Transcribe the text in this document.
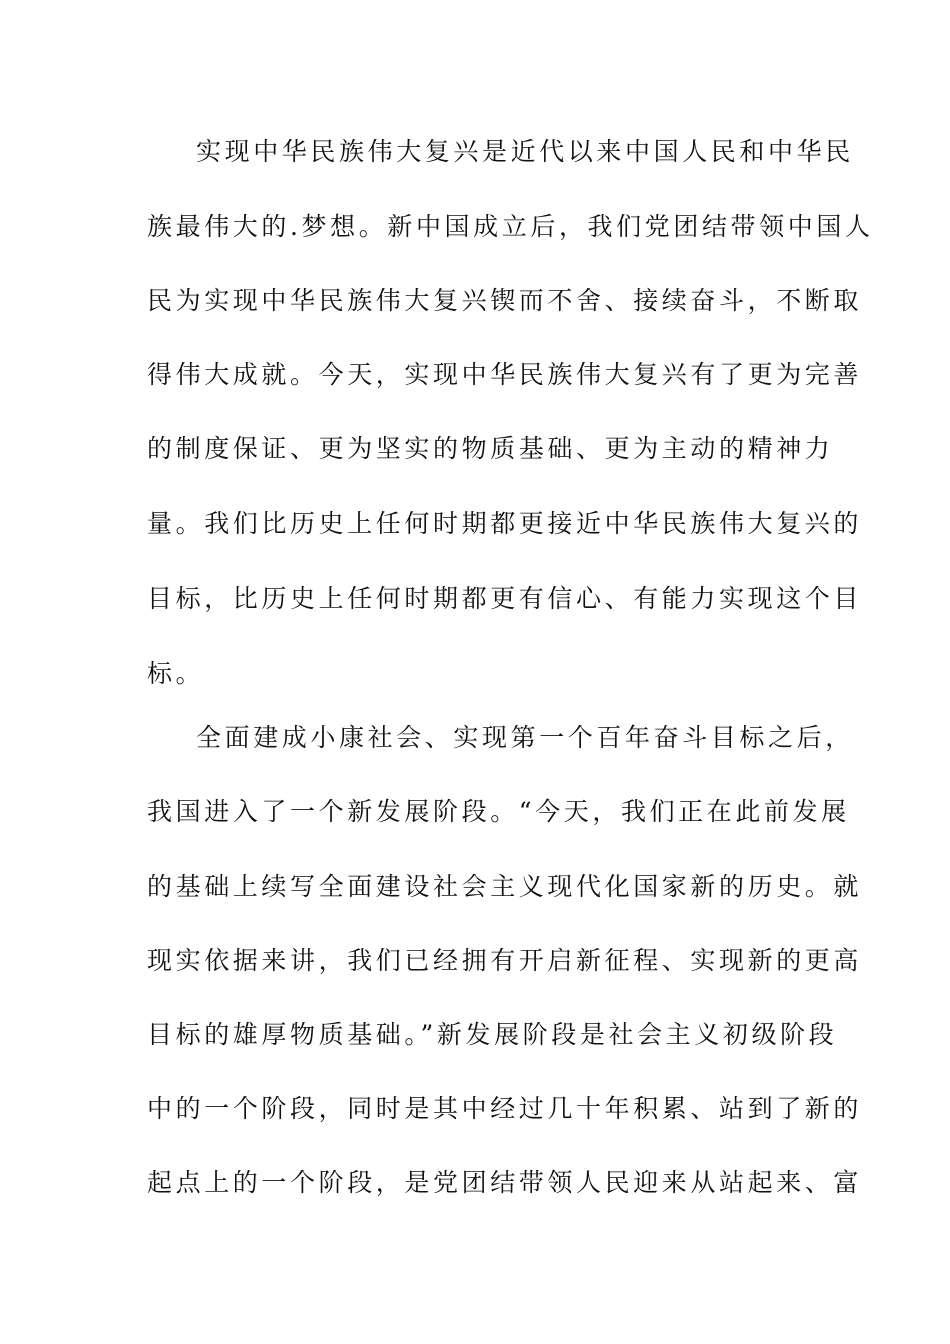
实现中华民族伟大复兴是近代以来中国人民和中华民
族最伟大的.梦想。新中国成立后，我们党团结带领中国人
民为实现中华民族伟大复兴锲而不舍、接续奋斗，不断取
得伟大成就。今天，实现中华民族伟大复兴有了更为完善
的制度保证、更为坚实的物质基础、更为主动的精神力
量。我们比历史上任何时期都更接近中华民族伟大复兴的
目标，比历史上任何时期都更有信心、有能力实现这个目
标。
全面建成小康社会、实现第一个百年奋斗目标之后，
我国进入了一个新发展阶段。“今天，我们正在此前发展
的基础上续写全面建设社会主义现代化国家新的历史。就
现实依据来讲，我们已经拥有开启新征程、实现新的更高
目标的雄厚物质基础。”新发展阶段是社会主义初级阶段
中的一个阶段，同时是其中经过几十年积累、站到了新的
起点上的一个阶段，是党团结带领人民迎来从站起来、富
